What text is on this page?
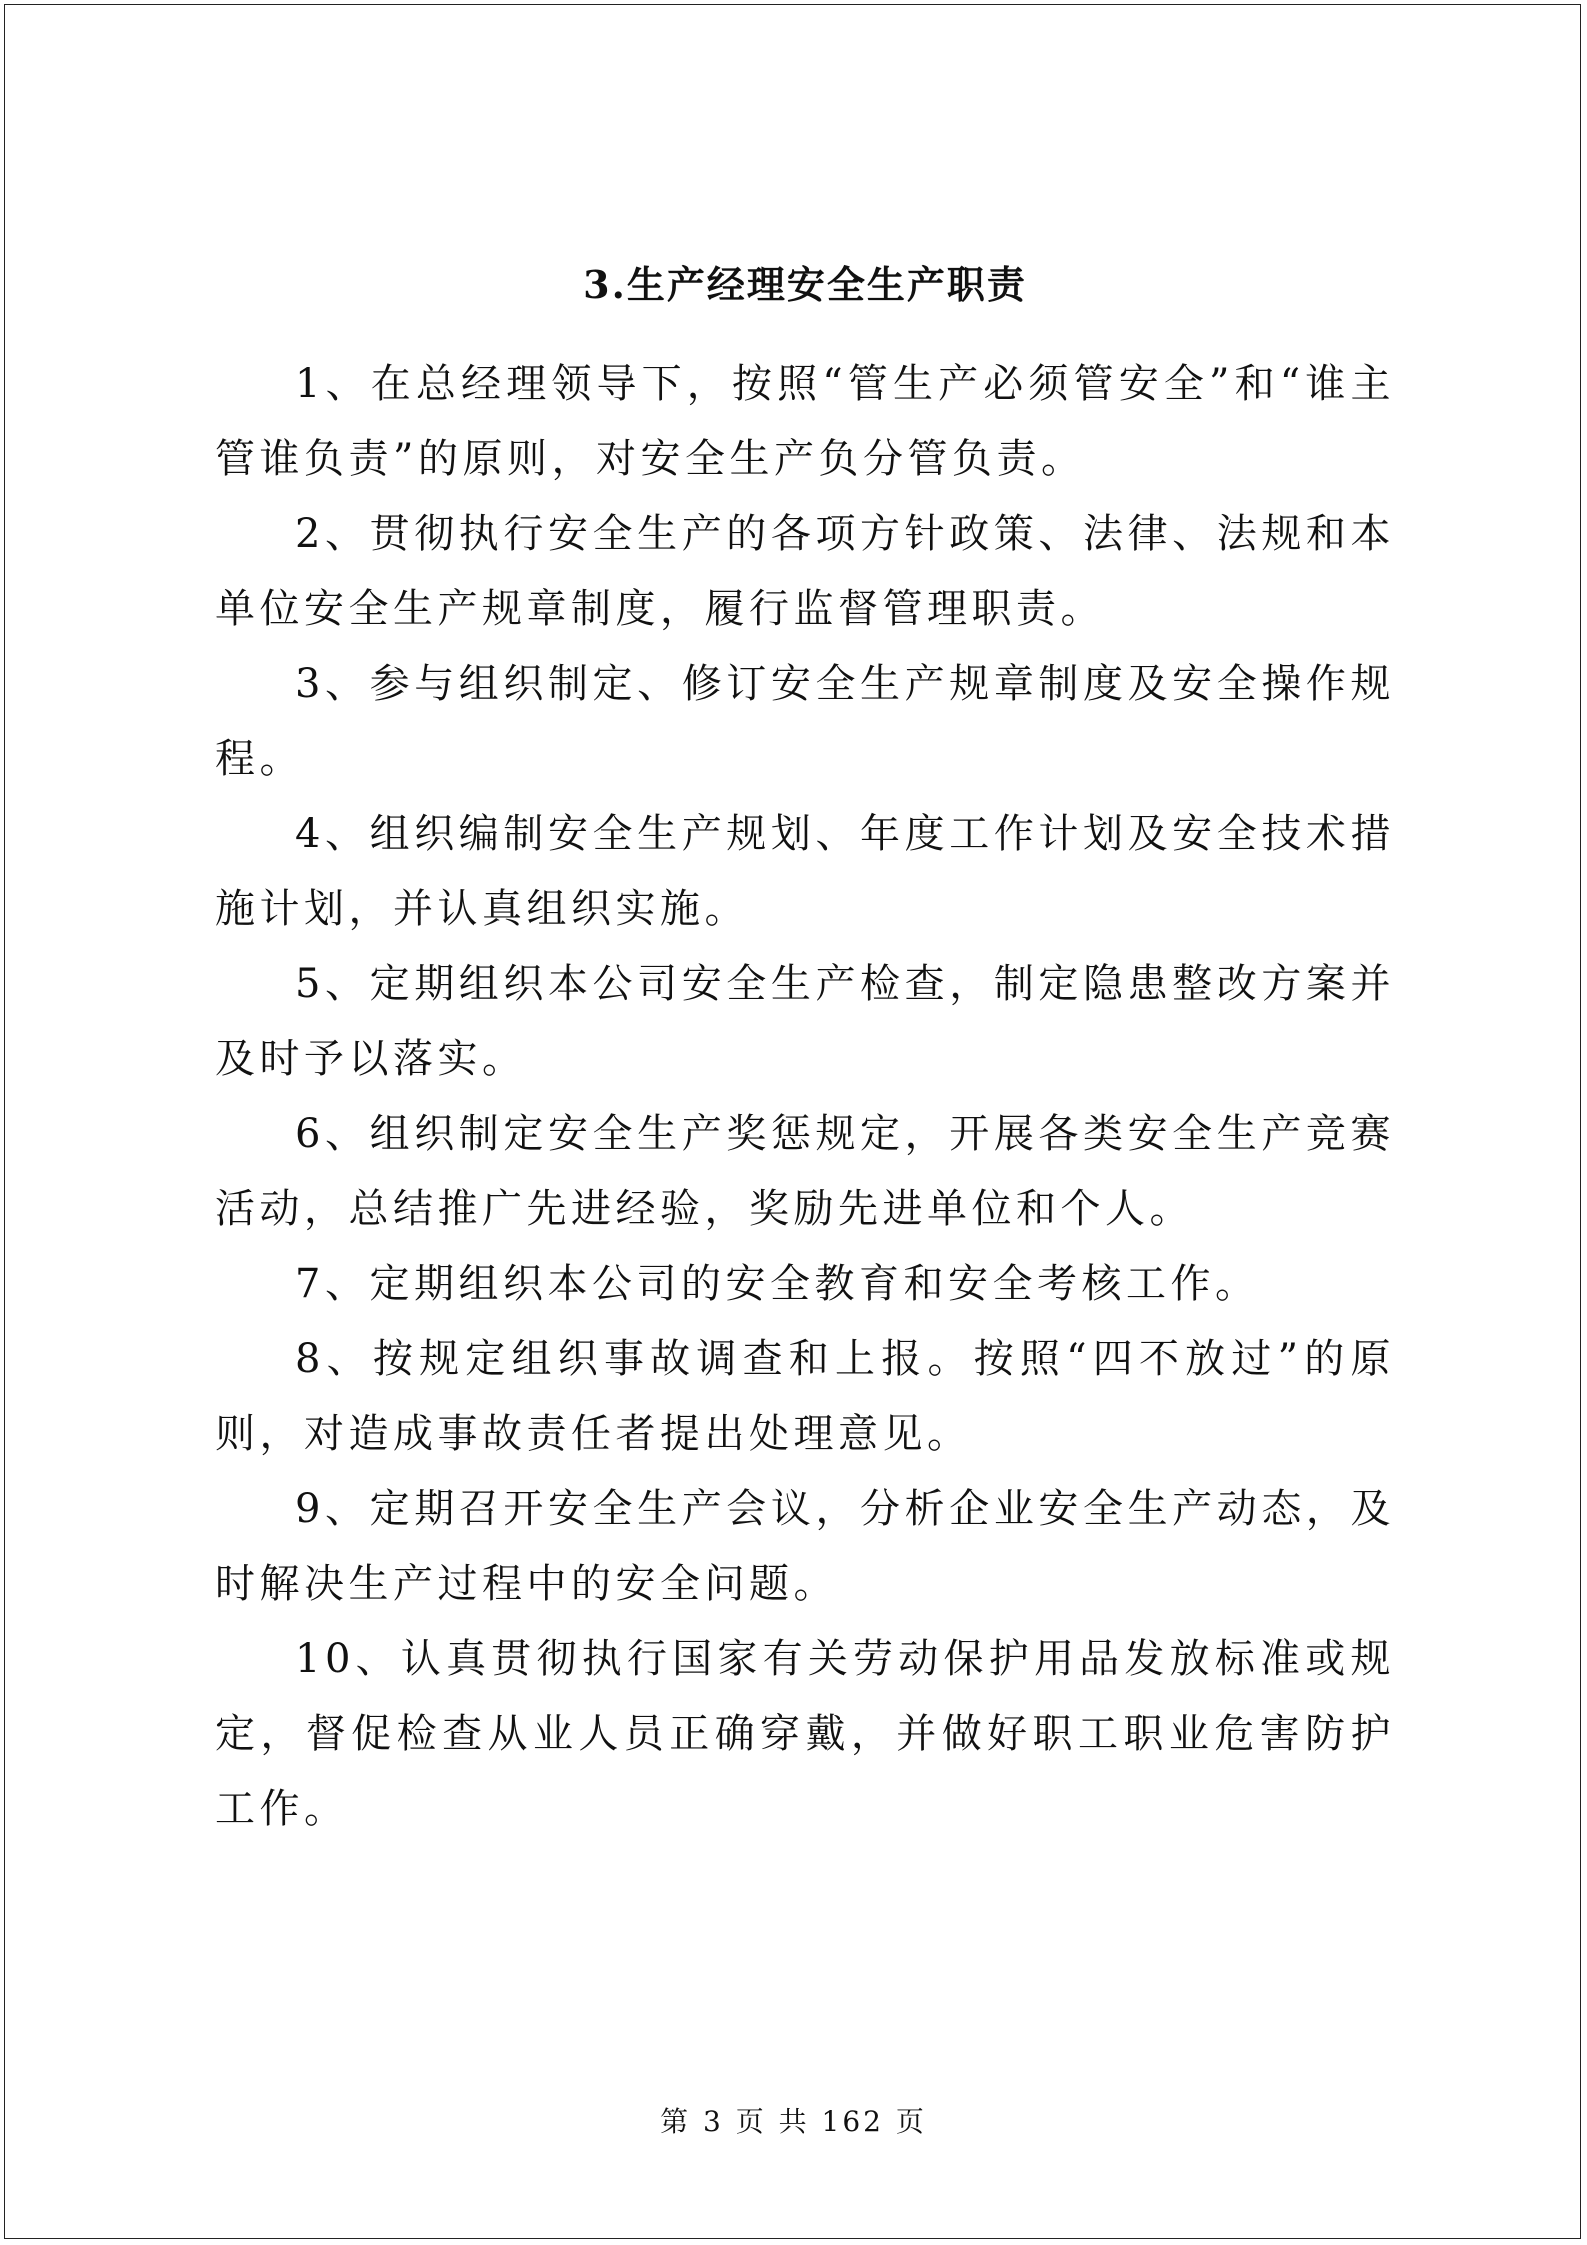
3.生产经理安全生产职责

1、在总经理领导下，按照“管生产必须管安全”和“谁主管谁负责”的原则，对安全生产负分管负责。

2、贯彻执行安全生产的各项方针政策、法律、法规和本单位安全生产规章制度，履行监督管理职责。

3、参与组织制定、修订安全生产规章制度及安全操作规程。

4、组织编制安全生产规划、年度工作计划及安全技术措施计划，并认真组织实施。

5、定期组织本公司安全生产检查，制定隐患整改方案并及时予以落实。

6、组织制定安全生产奖惩规定，开展各类安全生产竞赛活动，总结推广先进经验，奖励先进单位和个人。

7、定期组织本公司的安全教育和安全考核工作。

8、按规定组织事故调查和上报。按照“四不放过”的原则，对造成事故责任者提出处理意见。

9、定期召开安全生产会议，分析企业安全生产动态，及时解决生产过程中的安全问题。

10、认真贯彻执行国家有关劳动保护用品发放标准或规定，督促检查从业人员正确穿戴，并做好职工职业危害防护工作。

第 3 页 共 162 页
